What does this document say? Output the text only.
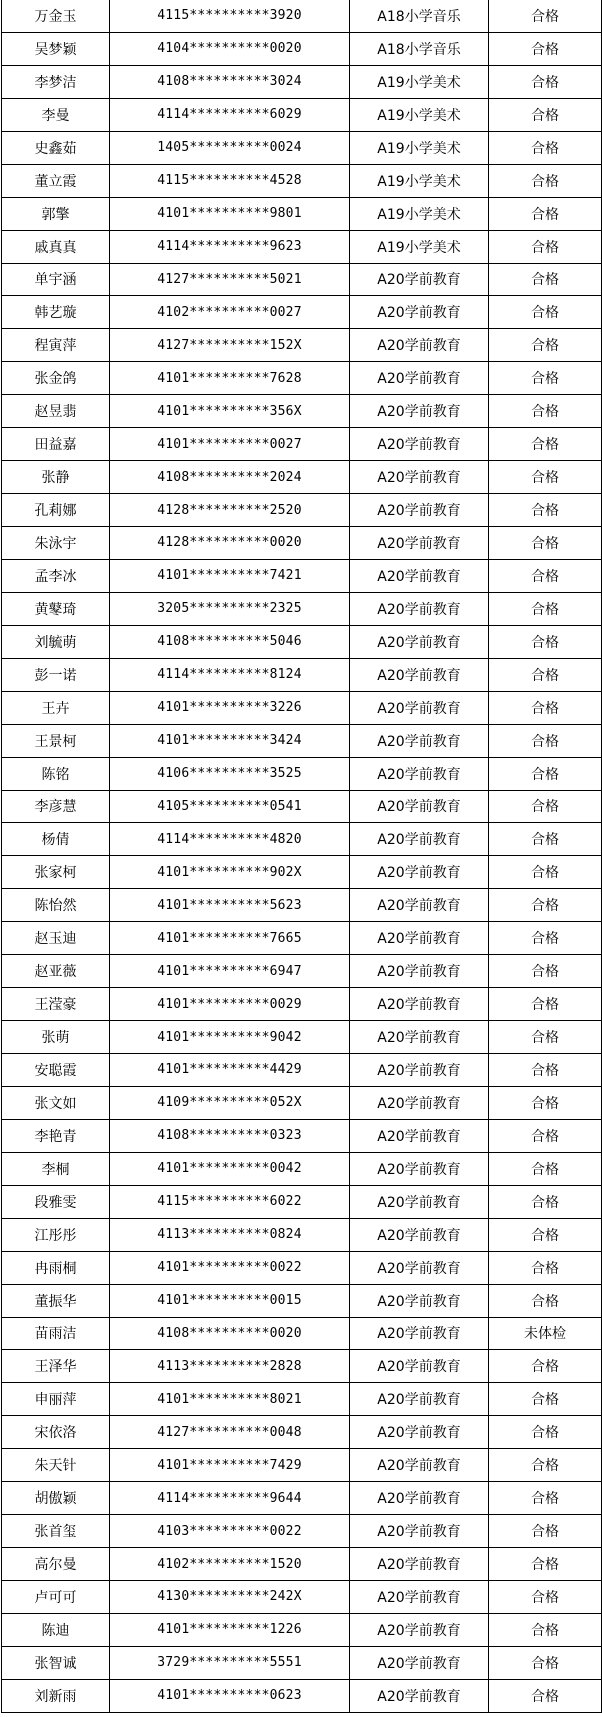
万金玉	4115**********3920	A18小学音乐	合格
吴梦颖	4104**********0020	A18小学音乐	合格
李梦洁	4108**********3024	A19小学美术	合格
李曼	4114**********6029	A19小学美术	合格
史鑫茹	1405**********0024	A19小学美术	合格
董立霞	4115**********4528	A19小学美术	合格
郭擎	4101**********9801	A19小学美术	合格
戚真真	4114**********9623	A19小学美术	合格
单宇涵	4127**********5021	A20学前教育	合格
韩艺璇	4102**********0027	A20学前教育	合格
程寅萍	4127**********152X	A20学前教育	合格
张金鸽	4101**********7628	A20学前教育	合格
赵昱翡	4101**********356X	A20学前教育	合格
田益嘉	4101**********0027	A20学前教育	合格
张静	4108**********2024	A20学前教育	合格
孔莉娜	4128**********2520	A20学前教育	合格
朱泳宇	4128**********0020	A20学前教育	合格
孟李冰	4101**********7421	A20学前教育	合格
黄鼕琦	3205**********2325	A20学前教育	合格
刘毓萌	4108**********5046	A20学前教育	合格
彭一诺	4114**********8124	A20学前教育	合格
王卉	4101**********3226	A20学前教育	合格
王景柯	4101**********3424	A20学前教育	合格
陈铭	4106**********3525	A20学前教育	合格
李彦慧	4105**********0541	A20学前教育	合格
杨倩	4114**********4820	A20学前教育	合格
张家柯	4101**********902X	A20学前教育	合格
陈怡然	4101**********5623	A20学前教育	合格
赵玉迪	4101**********7665	A20学前教育	合格
赵亚薇	4101**********6947	A20学前教育	合格
王滢豪	4101**********0029	A20学前教育	合格
张萌	4101**********9042	A20学前教育	合格
安聪霞	4101**********4429	A20学前教育	合格
张文如	4109**********052X	A20学前教育	合格
李艳青	4108**********0323	A20学前教育	合格
李桐	4101**********0042	A20学前教育	合格
段雅雯	4115**********6022	A20学前教育	合格
江彤彤	4113**********0824	A20学前教育	合格
冉雨桐	4101**********0022	A20学前教育	合格
董振华	4101**********0015	A20学前教育	合格
苗雨洁	4108**********0020	A20学前教育	未体检
王泽华	4113**********2828	A20学前教育	合格
申丽萍	4101**********8021	A20学前教育	合格
宋依洛	4127**********0048	A20学前教育	合格
朱天针	4101**********7429	A20学前教育	合格
胡傲颖	4114**********9644	A20学前教育	合格
张首玺	4103**********0022	A20学前教育	合格
高尔曼	4102**********1520	A20学前教育	合格
卢可可	4130**********242X	A20学前教育	合格
陈迪	4101**********1226	A20学前教育	合格
张智诚	3729**********5551	A20学前教育	合格
刘新雨	4101**********0623	A20学前教育	合格
